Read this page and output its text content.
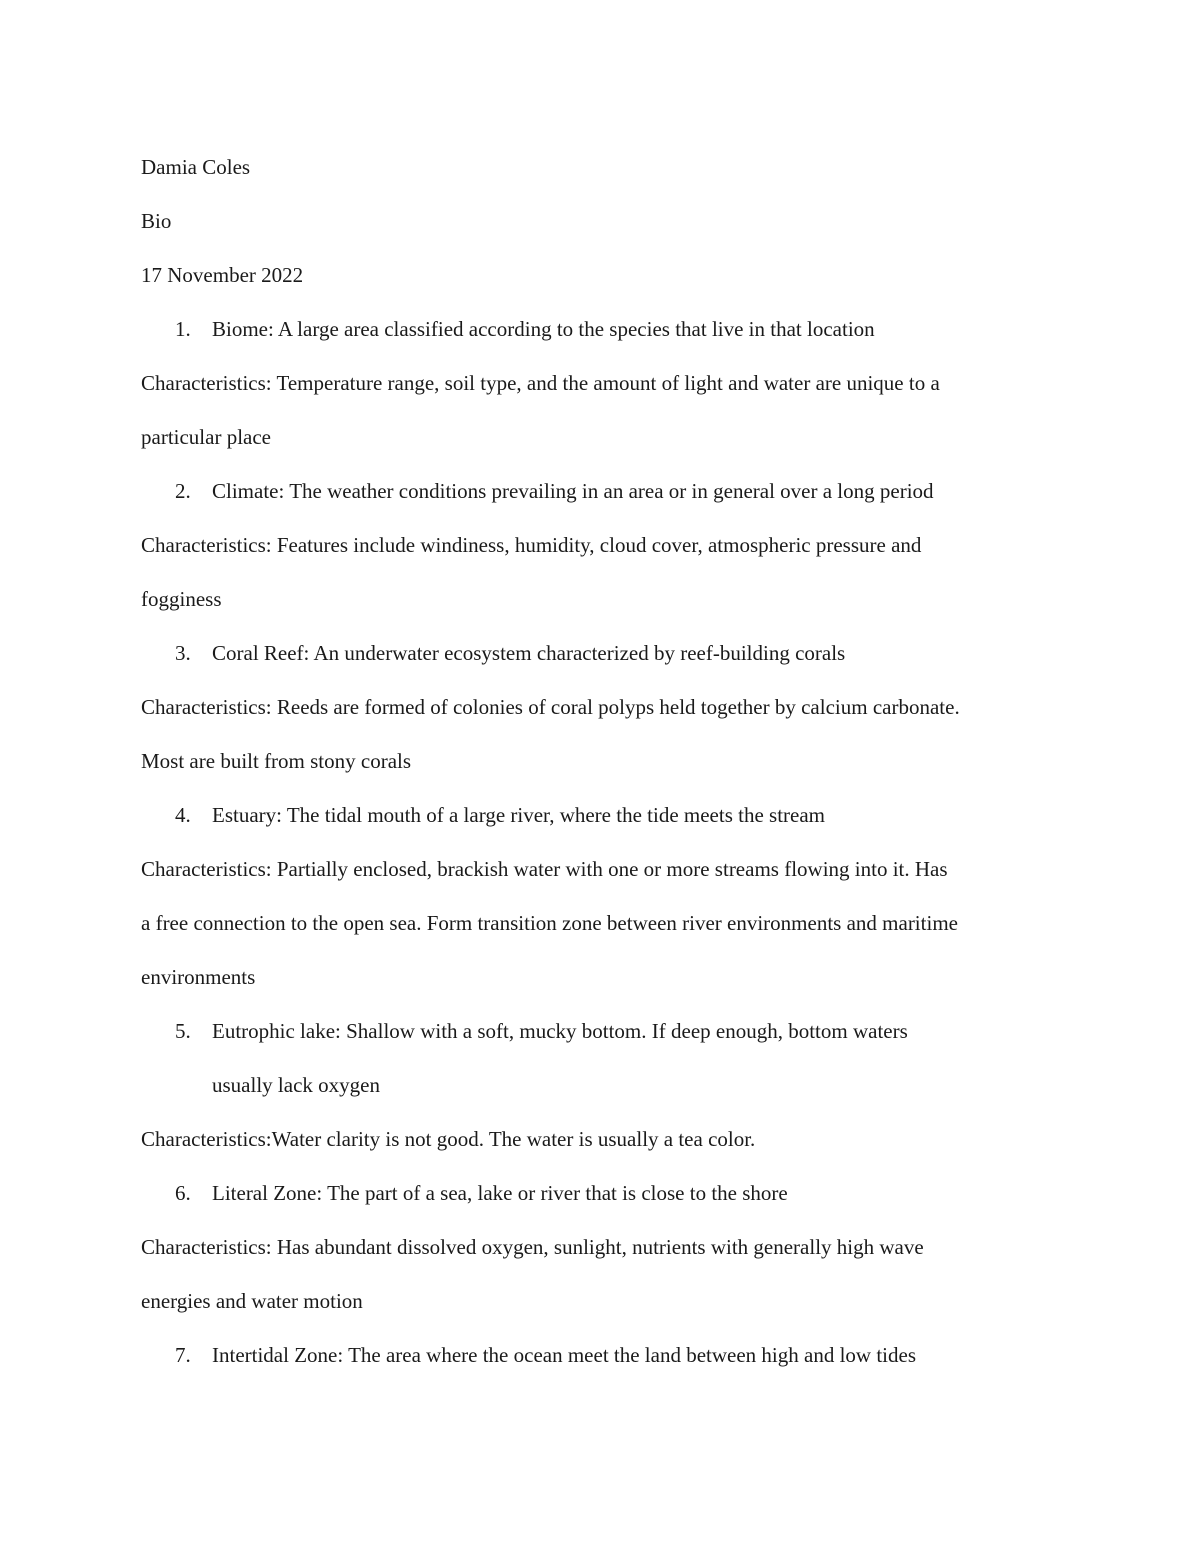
Damia Coles

Bio

17 November 2022

1. Biome: A large area classified according to the species that live in that location

Characteristics: Temperature range, soil type, and the amount of light and water are unique to a

particular place

2. Climate: The weather conditions prevailing in an area or in general over a long period

Characteristics: Features include windiness, humidity, cloud cover, atmospheric pressure and

fogginess

3. Coral Reef: An underwater ecosystem characterized by reef-building corals

Characteristics: Reeds are formed of colonies of coral polyps held together by calcium carbonate.

Most are built from stony corals

4. Estuary: The tidal mouth of a large river, where the tide meets the stream

Characteristics: Partially enclosed, brackish water with one or more streams flowing into it. Has

a free connection to the open sea. Form transition zone between river environments and maritime

environments

5. Eutrophic lake: Shallow with a soft, mucky bottom. If deep enough, bottom waters
usually lack oxygen

Characteristics:Water clarity is not good. The water is usually a tea color.

6. Literal Zone: The part of a sea, lake or river that is close to the shore

Characteristics: Has abundant dissolved oxygen, sunlight, nutrients with generally high wave

energies and water motion

7. Intertidal Zone: The area where the ocean meet the land between high and low tides
